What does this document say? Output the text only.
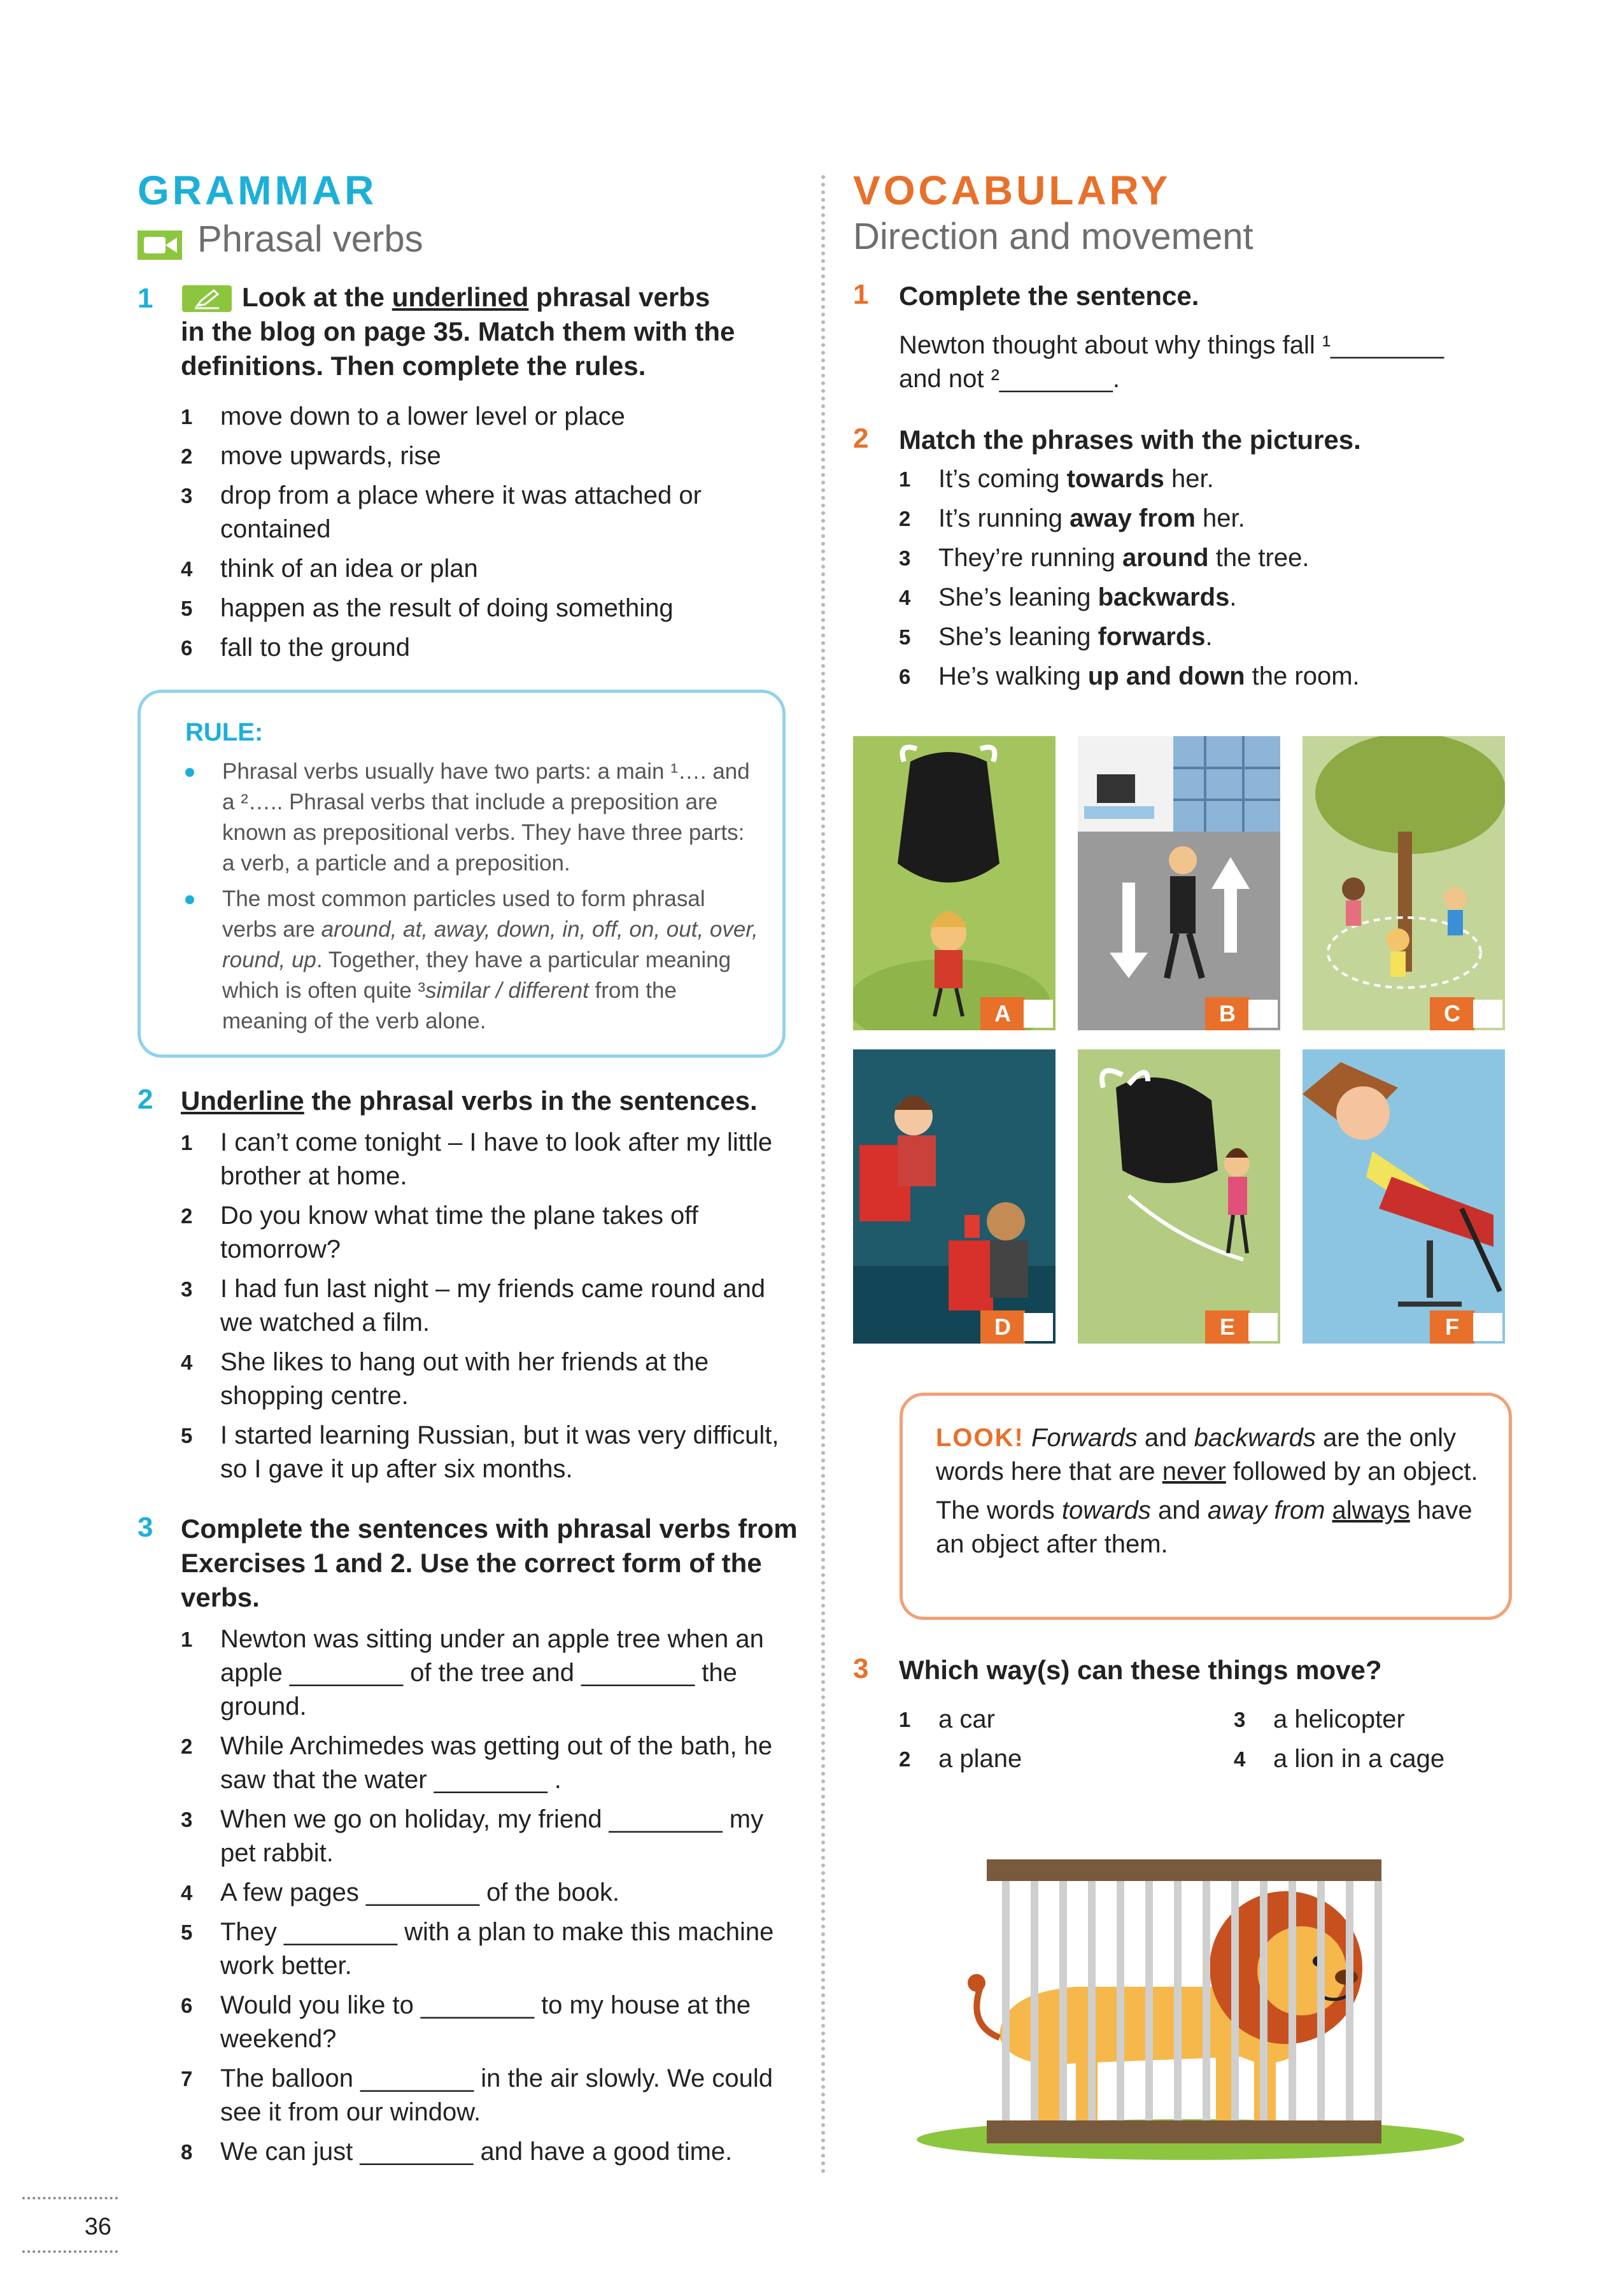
GRAMMAR
Phrasal verbs
1	Look at the underlined phrasal verbs
in the blog on page 35. Match them with the
definitions. Then complete the rules.
1 move down to a lower level or place
2 move upwards, rise
3 drop from a place where it was attached or contained
4 think of an idea or plan
5 happen as the result of doing something
6 fall to the ground
RULE:
Phrasal verbs usually have two parts: a main ¹…. and a ²….. Phrasal verbs that include a preposition are known as prepositional verbs. They have three parts: a verb, a particle and a preposition.
The most common particles used to form phrasal verbs are around, at, away, down, in, off, on, out, over, round, up. Together, they have a particular meaning which is often quite ³similar / different from the meaning of the verb alone.
2 Underline the phrasal verbs in the sentences.
1 I can’t come tonight – I have to look after my little brother at home.
2 Do you know what time the plane takes off tomorrow?
3 I had fun last night – my friends came round and we watched a film.
4 She likes to hang out with her friends at the shopping centre.
5 I started learning Russian, but it was very difficult, so I gave it up after six months.
3 Complete the sentences with phrasal verbs from
Exercises 1 and 2. Use the correct form of the
verbs.
1 Newton was sitting under an apple tree when an apple ________ of the tree and ________ the ground.
2 While Archimedes was getting out of the bath, he saw that the water ________ .
3 When we go on holiday, my friend ________ my pet rabbit.
4 A few pages ________ of the book.
5 They ________ with a plan to make this machine work better.
6 Would you like to ________ to my house at the weekend?
7 The balloon ________ in the air slowly. We could see it from our window.
8 We can just ________ and have a good time.
VOCABULARY
Direction and movement
1 Complete the sentence.
Newton thought about why things fall ¹________
and not ²________.
2 Match the phrases with the pictures.
1 It’s coming towards her.
2 It’s running away from her.
3 They’re running around the tree.
4 She’s leaning backwards.
5 She’s leaning forwards.
6 He’s walking up and down the room.
A	B	C
D	E	F
LOOK! Forwards and backwards are the only words here that are never followed by an object.
The words towards and away from always have an object after them.
3 Which way(s) can these things move?
1 a car
2 a plane
3 a helicopter
4 a lion in a cage
36
